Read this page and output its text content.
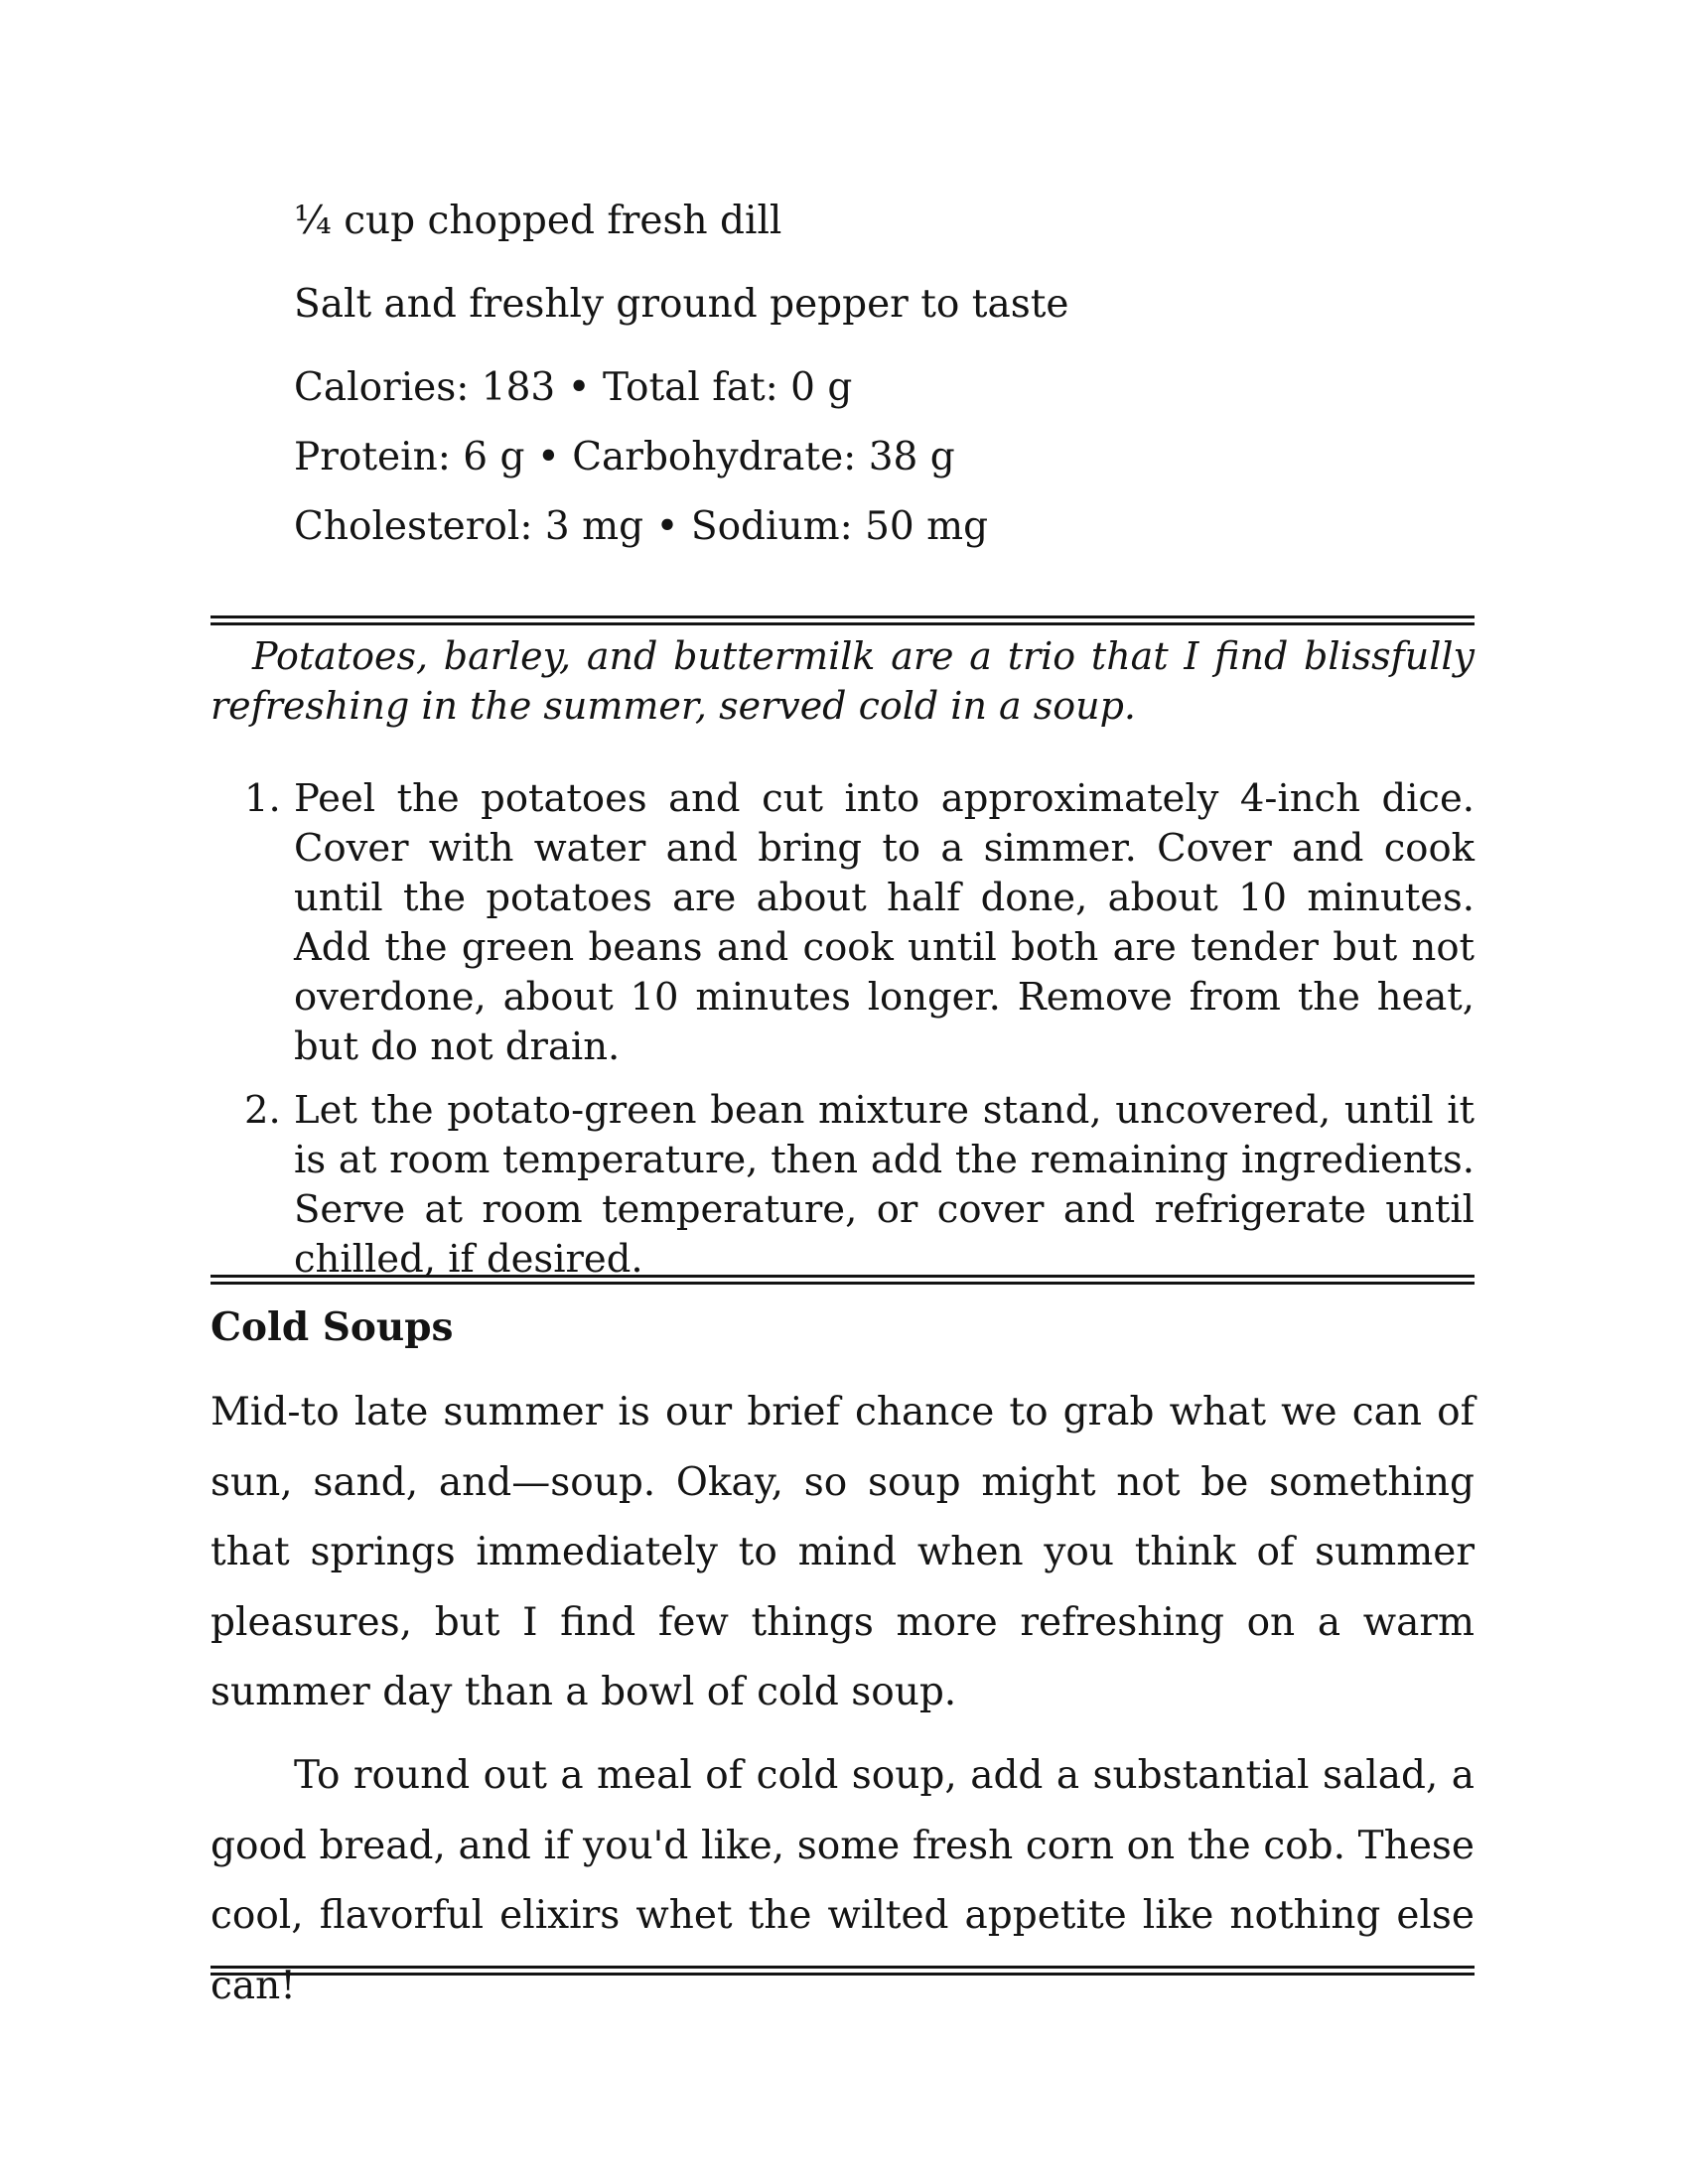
¼ cup chopped fresh dill
Salt and freshly ground pepper to taste
Calories: 183 • Total fat: 0 g
Protein: 6 g • Carbohydrate: 38 g
Cholesterol: 3 mg • Sodium: 50 mg

Potatoes, barley, and buttermilk are a trio that I find blissfully refreshing in the summer, served cold in a soup.

1. Peel the potatoes and cut into approximately 4-inch dice. Cover with water and bring to a simmer. Cover and cook until the potatoes are about half done, about 10 minutes. Add the green beans and cook until both are tender but not overdone, about 10 minutes longer. Remove from the heat, but do not drain.
2. Let the potato-green bean mixture stand, uncovered, until it is at room temperature, then add the remaining ingredients. Serve at room temperature, or cover and refrigerate until chilled, if desired.
Cold Soups

Mid-to late summer is our brief chance to grab what we can of sun, sand, and—soup. Okay, so soup might not be something that springs immediately to mind when you think of summer pleasures, but I find few things more refreshing on a warm summer day than a bowl of cold soup.

To round out a meal of cold soup, add a substantial salad, a good bread, and if you'd like, some fresh corn on the cob. These cool, flavorful elixirs whet the wilted appetite like nothing else can!
